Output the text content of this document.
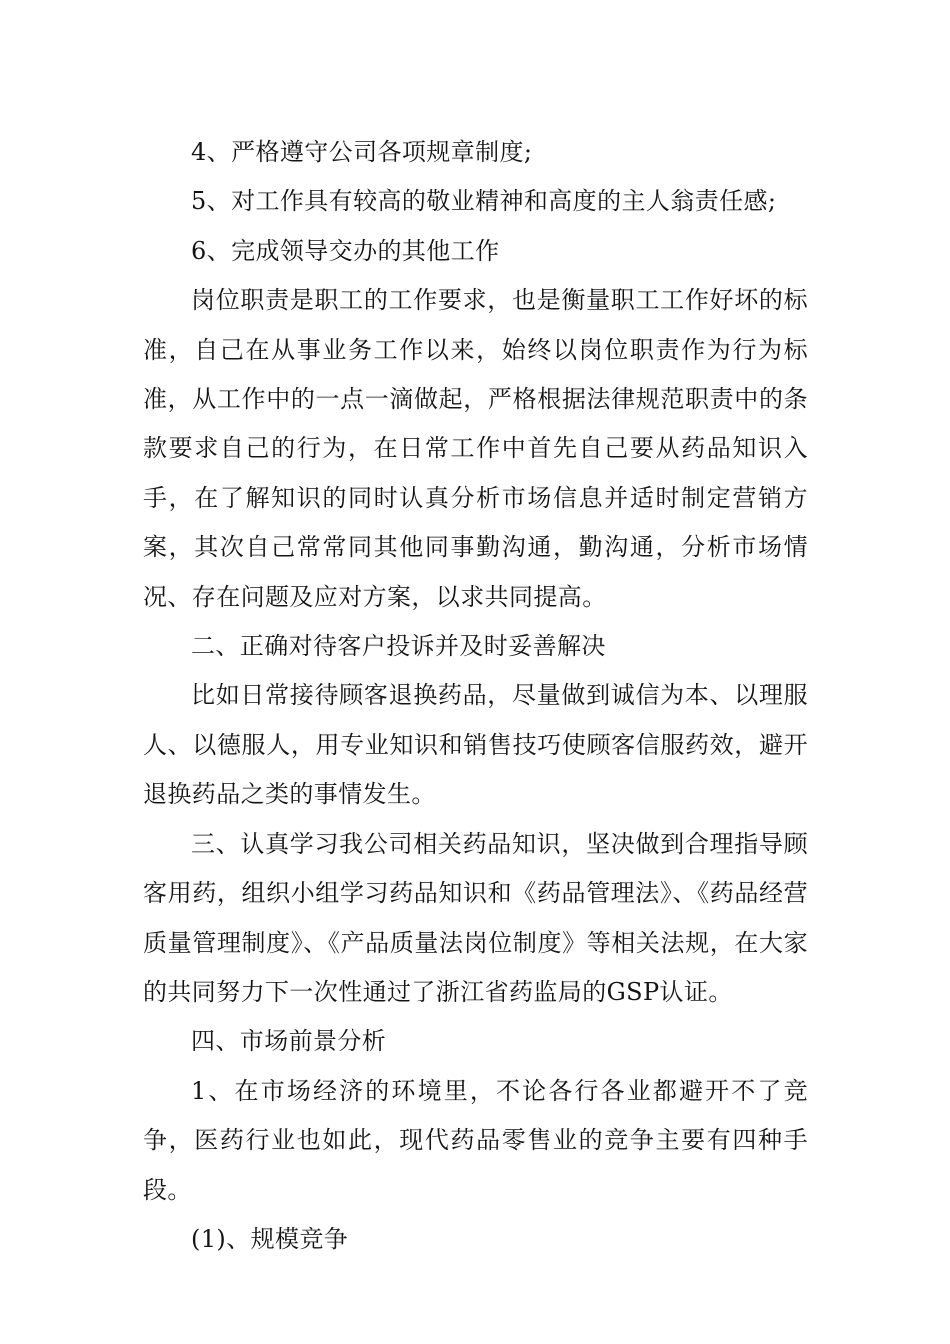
4、严格遵守公司各项规章制度;

5、对工作具有较高的敬业精神和高度的主人翁责任感;

6、完成领导交办的其他工作

岗位职责是职工的工作要求，也是衡量职工工作好坏的标准，自己在从事业务工作以来，始终以岗位职责作为行为标准，从工作中的一点一滴做起，严格根据法律规范职责中的条款要求自己的行为，在日常工作中首先自己要从药品知识入手，在了解知识的同时认真分析市场信息并适时制定营销方案，其次自己常常同其他同事勤沟通，勤沟通，分析市场情况、存在问题及应对方案，以求共同提高。

二、正确对待客户投诉并及时妥善解决

比如日常接待顾客退换药品，尽量做到诚信为本、以理服人、以德服人，用专业知识和销售技巧使顾客信服药效，避开退换药品之类的事情发生。

三、认真学习我公司相关药品知识，坚决做到合理指导顾客用药，组织小组学习药品知识和《药品管理法》、《药品经营质量管理制度》、《产品质量法岗位制度》等相关法规，在大家的共同努力下一次性通过了浙江省药监局的GSP认证。

四、市场前景分析

1、在市场经济的环境里，不论各行各业都避开不了竞争，医药行业也如此，现代药品零售业的竞争主要有四种手段。

(1)、规模竞争
